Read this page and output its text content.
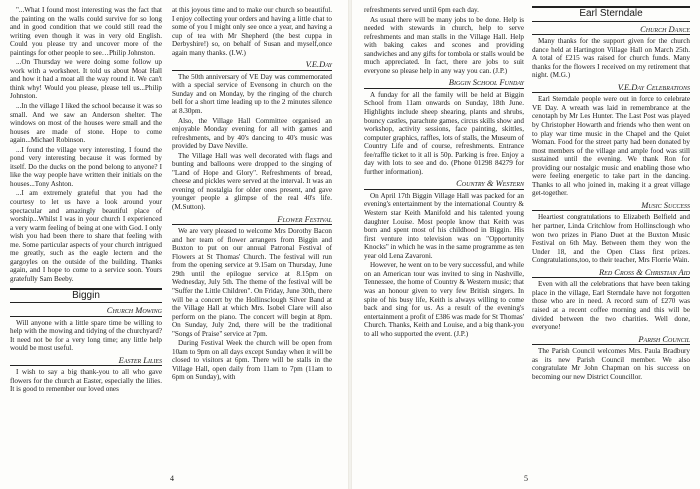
"...What I found most interesting was the fact that the painting on the walls could survive for so long and in good condition that we could still read the writing even though it was in very old English. Could you please try and uncover more of the paintings for other people to see…Philip Johnston.

...On Thursday we were doing some follow up work with a worksheet. It told us about Moat Hall and how it had a moat all the way round it. We can't think why! Would you please, please tell us...Philip Johnston.

...In the village I liked the school because it was so small. And we saw an Anderson shelter. The windows on most of the houses were small and the houses are made of stone. Hope to come again...Michael Robinson.

...I found the village very interesting. I found the pond very interesting because it was formed by itself. Do the ducks on the pond belong to anyone? I like the way people have written their initials on the houses...Tony Ashton.

...I am extremely grateful that you had the courtesy to let us have a look around your spectacular and amazingly beautiful place of worship...Whilst I was in your church I experienced a very warm feeling of being at one with God. I only wish you had been there to share that feeling with me. Some particular aspects of your church intrigued me greatly, such as the eagle lectern and the gargoyles on the outside of the building. Thanks again, and I hope to come to a service soon. Yours gratefully Sam Beeby.

Biggin
Church Mowing

Will anyone with a little spare time be willing to help with the mowing and tidying of the churchyard? It need not be for a very long time; any little help would be most useful.

Easter Lilies

I wish to say a big thank-you to all who gave flowers for the church at Easter, especially the lilies. It is good to remember our loved ones

at this joyous time and to make our church so beautiful. I enjoy collecting your orders and having a little chat to some of you I might only see once a year, and having a cup of tea with Mr Shepherd (the best cuppa in Derbyshire!) so, on behalf of Susan and myself,once again many thanks. (I.W.)

V.E.Day

The 50th anniversary of VE Day was commemorated with a special service of Evensong in church on the Sunday and on Monday, by the ringing of the church bell for a short time leading up to the 2 minutes silence at 8.30pm.

Also, the Village Hall Committee organised an enjoyable Monday evening for all with games and refreshments, and by 40's dancing to 40's music was provided by Dave Neville.

The Village Hall was well decorated with flags and bunting and balloons were dropped to the singing of "Land of Hope and Glory". Refreshments of bread, cheese and pickles were served at the interval. It was an evening of nostalgia for older ones present, and gave younger people a glimpse of the real 40's life. (M.Sutton).

Flower Festival

We are very pleased to welcome Mrs Dorothy Bacon and her team of flower arrangers from Biggin and Buxton to put on our annual Patronal Festival of Flowers at St Thomas' Church. The festival will run from the opening service at 9.15am on Thursday, June 29th until the epilogue service at 8.15pm on Wednesday, July 5th. The theme of the festival will be "Suffer the Little Children". On Friday, June 30th, there will be a concert by the Hollinsclough Silver Band at the Village Hall at which Mrs. Isobel Clare will also perform on the piano. The concert will begin at 8pm. On Sunday, July 2nd, there will be the traditional "Songs of Praise" service at 7pm.

During Festival Week the church will be open from 10am to 9pm on all days except Sunday when it will be closed to visitors at 6pm. There will be stalls in the Village Hall, open daily from 11am to 7pm (11am to 6pm on Sunday), with

4

refreshments served until 6pm each day.

As usual there will be many jobs to be done. Help is needed with stewards in church, help to serve refreshments and man stalls in the Village Hall. Help with baking cakes and scones and providing sandwiches and any gifts for tombola or stalls would be much appreciated. In fact, there are jobs to suit everyone so please help in any way you can. (J.P.)

Biggin School Funday

A funday for all the family will be held at Biggin School from 11am onwards on Sunday, 18th June. Highlights include sheep shearing, plants and shrubs, bouncy castles, parachute games, circus skills show and workshop, activity sessions, face painting, skittles, computer graphics, raffles, lots of stalls, the Museum of Country Life and of course, refreshments. Entrance fee/raffle ticket to it all is 50p. Parking is free. Enjoy a day with lots to see and do. (Phone 01298 84279 for further information).

Country & Western

On April 17th Biggin Village Hall was packed for an evening's entertainment by the international Country & Western star Keith Manifold and his talented young daughter Louise. Most people know that Keith was born and spent most of his childhood in Biggin. His first venture into television was on "Opportunity Knocks" in which he was in the same programme as ten year old Lena Zavaroni.

However, he went on to be very successful, and while on an American tour was invited to sing in Nashville, Tennessee, the home of Country & Western music; that was an honour given to very few British singers. In spite of his busy life, Keith is always willing to come back and sing for us. As a result of the evening's entertainment a profit of £386 was made for St Thomas' Church. Thanks, Keith and Louise, and a big thank-you to all who supported the event. (J.P.)

Earl Sterndale
Church Dance

Many thanks for the support given for the church dance held at Hartington Village Hall on March 25th. A total of £215 was raised for church funds. Many thanks for the flowers I received on my retirement that night. (M.G.)

V.E.Day Celebrations

Earl Sterndale people were out in force to celebrate VE Day. A wreath was laid in remembrance at the cenotaph by Mr Les Hunter. The Last Post was played by Christopher Howarth and friends who then went on to play war time music in the Chapel and the Quiet Woman. Food for the street party had been donated by most members of the village and ample food was still sustained until the evening. We thank Ron for providing our nostalgic music and enabling those who were feeling energetic to take part in the dancing. Thanks to all who joined in, making it a great village get-together.

Music Success

Heartiest congratulations to Elizabeth Belfield and her partner, Linda Critchlow from Hollinsclough who won two prizes in Piano Duet at the Buxton Music Festival on 6th May. Between them they won the Under 18, and the Open Class first prizes. Congratulations,too, to their teacher, Mrs Florrie Wain.

Red Cross & Christian Aid

Even with all the celebrations that have been taking place in the village, Earl Sterndale have not forgotten those who are in need. A record sum of £270 was raised at a recent coffee morning and this will be divided between the two charities. Well done, everyone!

Parish Council

The Parish Council welcomes Mrs. Paula Bradbury as its new Parish Council member. We also congratulate Mr John Chapman on his success on becoming our new District Councillor.

5
